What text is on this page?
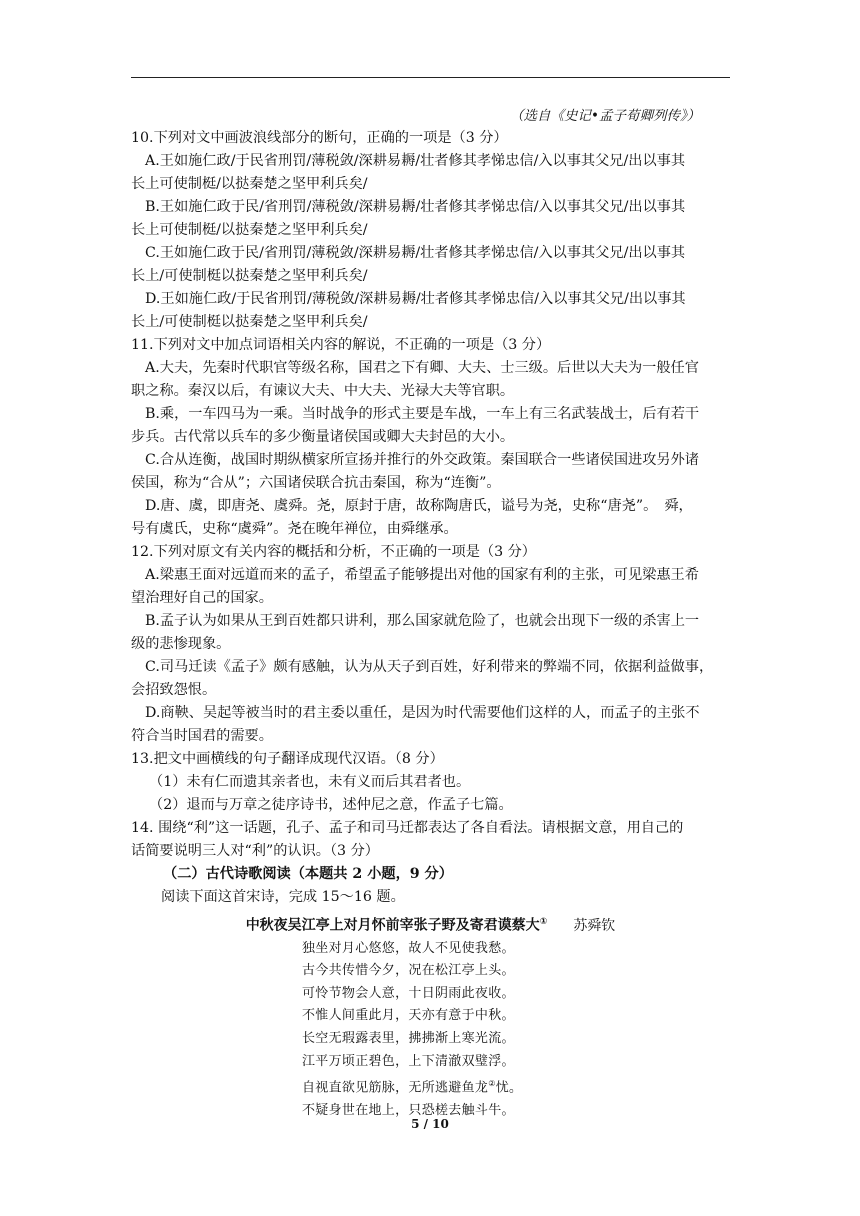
（选自《史记•孟子荀卿列传》）
10.下列对文中画波浪线部分的断句，正确的一项是（3 分）
A.王如施仁政/于民省刑罚/薄税敛/深耕易耨/壮者修其孝悌忠信/入以事其父兄/出以事其
长上可使制梃/以挞秦楚之坚甲利兵矣/
B.王如施仁政于民/省刑罚/薄税敛/深耕易耨/壮者修其孝悌忠信/入以事其父兄/出以事其
长上可使制梃/以挞秦楚之坚甲利兵矣/
C.王如施仁政于民/省刑罚/薄税敛/深耕易耨/壮者修其孝悌忠信/入以事其父兄/出以事其
长上/可使制梃以挞秦楚之坚甲利兵矣/
D.王如施仁政/于民省刑罚/薄税敛/深耕易耨/壮者修其孝悌忠信/入以事其父兄/出以事其
长上/可使制梃以挞秦楚之坚甲利兵矣/
11.下列对文中加点词语相关内容的解说，不正确的一项是（3 分）
A.大夫，先秦时代职官等级名称，国君之下有卿、大夫、士三级。后世以大夫为一般任官
职之称。秦汉以后，有谏议大夫、中大夫、光禄大夫等官职。
B.乘，一车四马为一乘。当时战争的形式主要是车战，一车上有三名武装战士，后有若干
步兵。古代常以兵车的多少衡量诸侯国或卿大夫封邑的大小。
C.合从连衡，战国时期纵横家所宣扬并推行的外交政策。秦国联合一些诸侯国进攻另外诸
侯国，称为“合从”；六国诸侯联合抗击秦国，称为“连衡”。
D.唐、虞，即唐尧、虞舜。尧，原封于唐，故称陶唐氏，谥号为尧，史称“唐尧”。　舜，
号有虞氏，史称“虞舜”。尧在晚年禅位，由舜继承。
12.下列对原文有关内容的概括和分析，不正确的一项是（3 分）
A.梁惠王面对远道而来的孟子，希望孟子能够提出对他的国家有利的主张，可见梁惠王希
望治理好自己的国家。
B.孟子认为如果从王到百姓都只讲利，那么国家就危险了，也就会出现下一级的杀害上一
级的悲惨现象。
C.司马迁读《孟子》颇有感触，认为从天子到百姓，好利带来的弊端不同，依据利益做事，
会招致怨恨。
D.商鞅、吴起等被当时的君主委以重任，是因为时代需要他们这样的人，而孟子的主张不
符合当时国君的需要。
13.把文中画横线的句子翻译成现代汉语。（8 分）
（1）未有仁而遗其亲者也，未有义而后其君者也。
（2）退而与万章之徒序诗书，述仲尼之意，作孟子七篇。
14. 围绕“利”这一话题，孔子、孟子和司马迁都表达了各自看法。请根据文意，用自己的
话简要说明三人对“利”的认识。（3 分）
（二）古代诗歌阅读（本题共 2 小题，9 分）
阅读下面这首宋诗，完成 15～16 题。
中秋夜吴江亭上对月怀前宰张子野及寄君谟蔡大① 苏舜钦
独坐对月心悠悠，故人不见使我愁。
古今共传惜今夕，况在松江亭上头。
可怜节物会人意，十日阴雨此夜收。
不惟人间重此月，天亦有意于中秋。
长空无瑕露表里，拂拂渐上寒光流。
江平万顷正碧色，上下清澈双璧浮。
自视直欲见筋脉，无所逃避鱼龙②忧。
不疑身世在地上，只恐槎去触斗牛。
5 / 10
